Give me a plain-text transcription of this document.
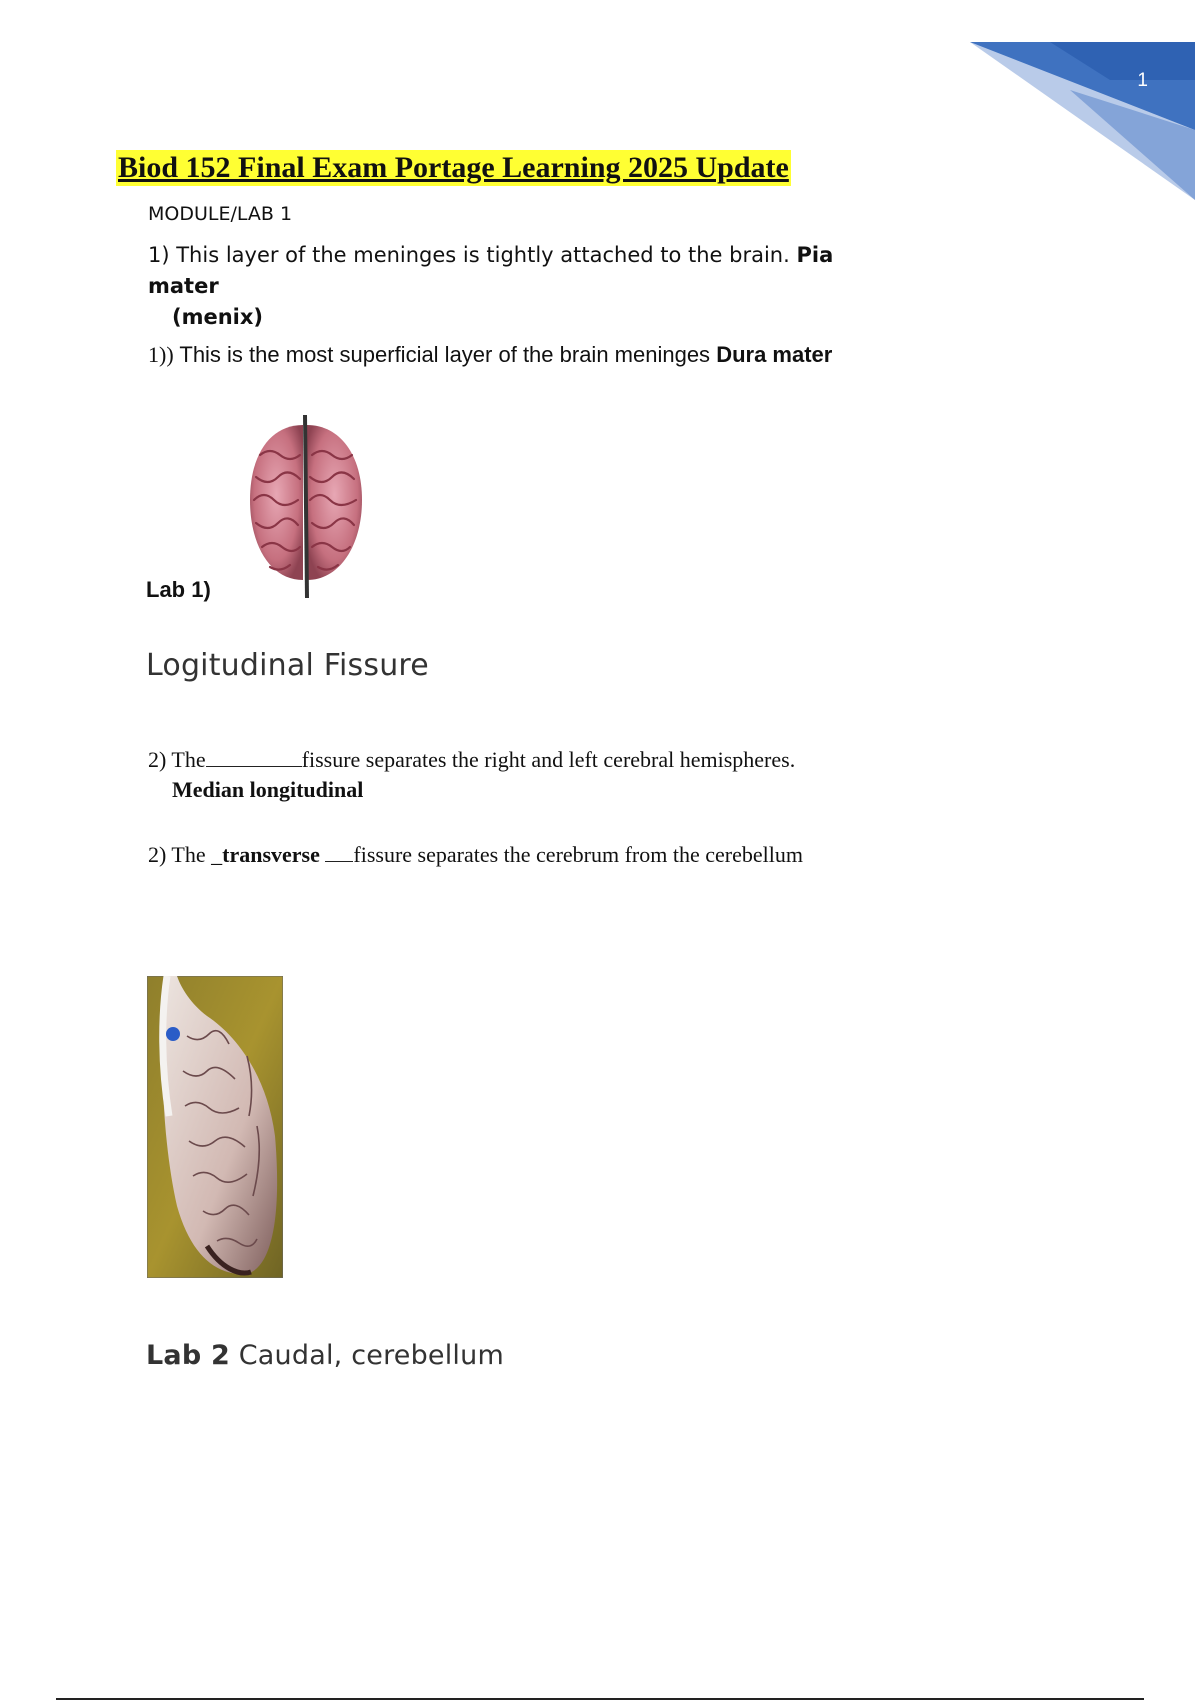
1
Biod 152 Final Exam Portage Learning 2025 Update
MODULE/LAB 1
1) This layer of the meninges is tightly attached to the brain. Pia mater
(menix)
1)) This is the most superficial layer of the brain meninges Dura mater
Lab 1)
Logitudinal Fissure
2) The	fissure separates the right and left cerebral hemispheres.
Median longitudinal
2) The _transverse fissure separates the cerebrum from the cerebellum
Lab 2 Caudal, cerebellum
